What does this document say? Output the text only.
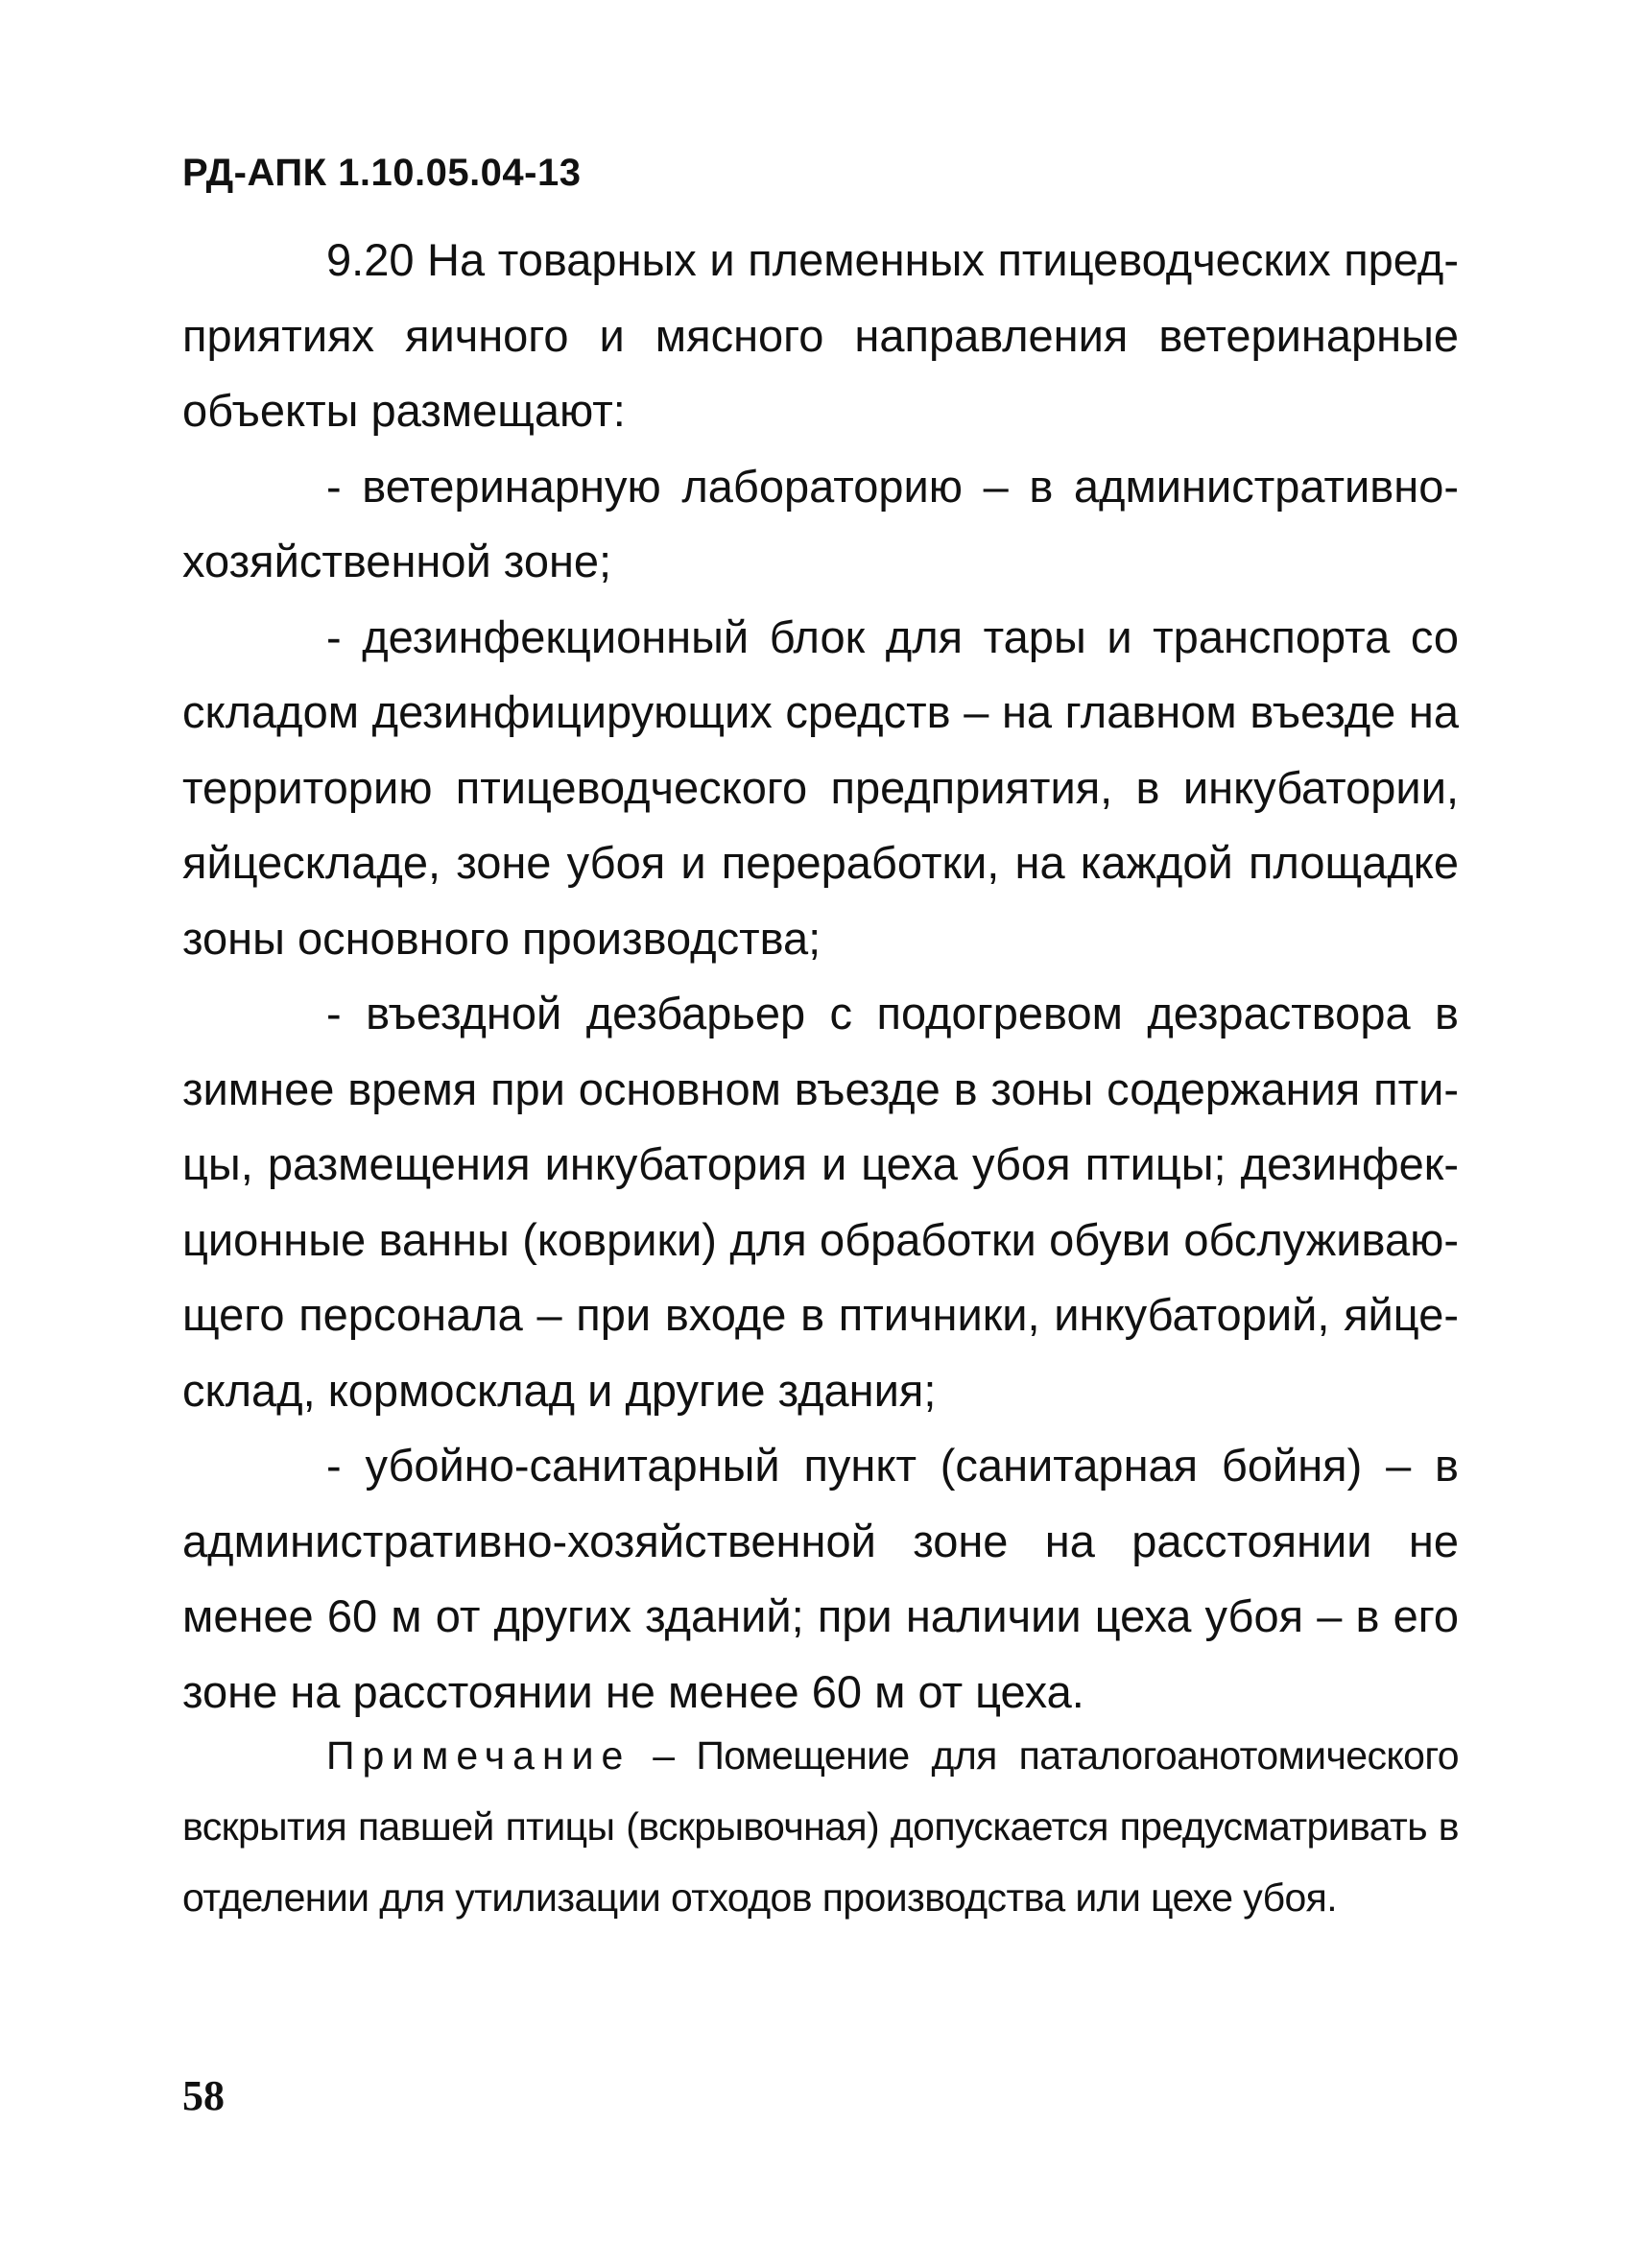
РД-АПК 1.10.05.04-13

9.20 На товарных и племенных птицеводческих предприятиях яичного и мясного направления ветеринарные объекты размещают:

- ветеринарную лабораторию – в административно-хозяйственной зоне;

- дезинфекционный блок для тары и транспорта со складом дезинфицирующих средств – на главном въезде на территорию птицеводческого предприятия, в инкубатории, яйцескладе, зоне убоя и переработки, на каждой площадке зоны основного производства;

- въездной дезбарьер с подогревом дезраствора в зимнее время при основном въезде в зоны содержания птицы, размещения инкубатория и цеха убоя птицы; дезинфекционные ванны (коврики) для обработки обуви обслуживающего персонала – при входе в птичники, инкубаторий, яйцесклад, кормосклад и другие здания;

- убойно-санитарный пункт (санитарная бойня) – в административно-хозяйственной зоне на расстоянии не менее 60 м от других зданий; при наличии цеха убоя – в его зоне на расстоянии не менее 60 м от цеха.

Примечание – Помещение для паталогоанотомического вскрытия павшей птицы (вскрывочная) допускается предусматривать в отделении для утилизации отходов производства или цехе убоя.

58
